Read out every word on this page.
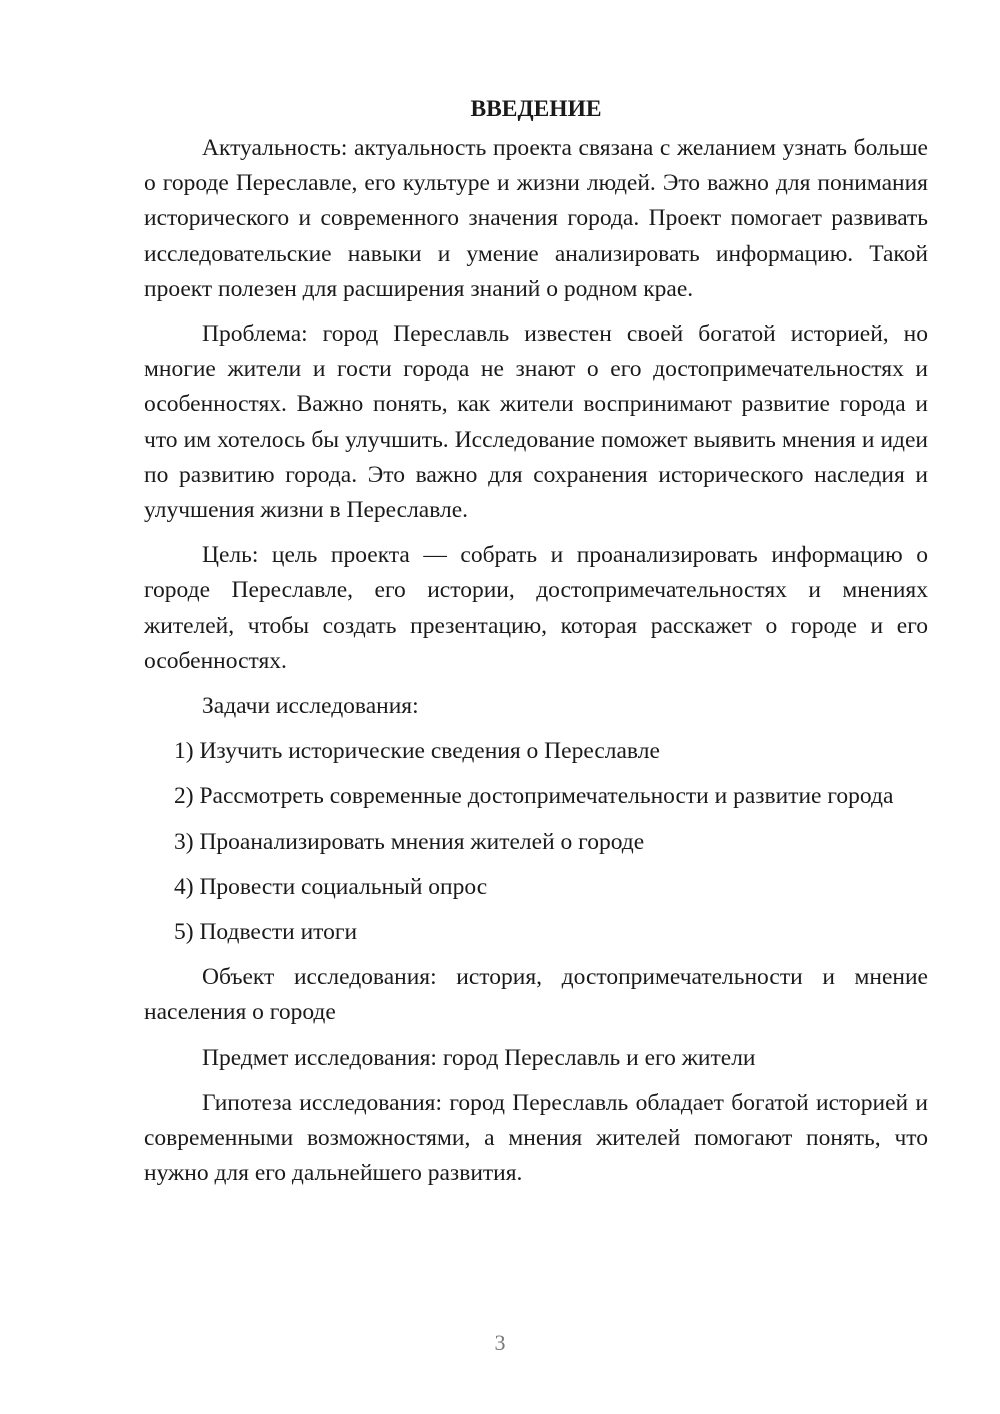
ВВЕДЕНИЕ

Актуальность: актуальность проекта связана с желанием узнать больше о городе Переславле, его культуре и жизни людей. Это важно для понимания исторического и современного значения города. Проект помогает развивать исследовательские навыки и умение анализировать информацию. Такой проект полезен для расширения знаний о родном крае.

Проблема: город Переславль известен своей богатой историей, но многие жители и гости города не знают о его достопримечательностях и особенностях. Важно понять, как жители воспринимают развитие города и что им хотелось бы улучшить. Исследование поможет выявить мнения и идеи по развитию города. Это важно для сохранения исторического наследия и улучшения жизни в Переславле.

Цель: цель проекта — собрать и проанализировать информацию о городе Переславле, его истории, достопримечательностях и мнениях жителей, чтобы создать презентацию, которая расскажет о городе и его особенностях.

Задачи исследования:

1) Изучить исторические сведения о Переславле

2) Рассмотреть современные достопримечательности и развитие города

3) Проанализировать мнения жителей о городе

4) Провести социальный опрос

5) Подвести итоги

Объект исследования: история, достопримечательности и мнение населения о городе

Предмет исследования: город Переславль и его жители

Гипотеза исследования: город Переславль обладает богатой историей и современными возможностями, а мнения жителей помогают понять, что нужно для его дальнейшего развития.

3
